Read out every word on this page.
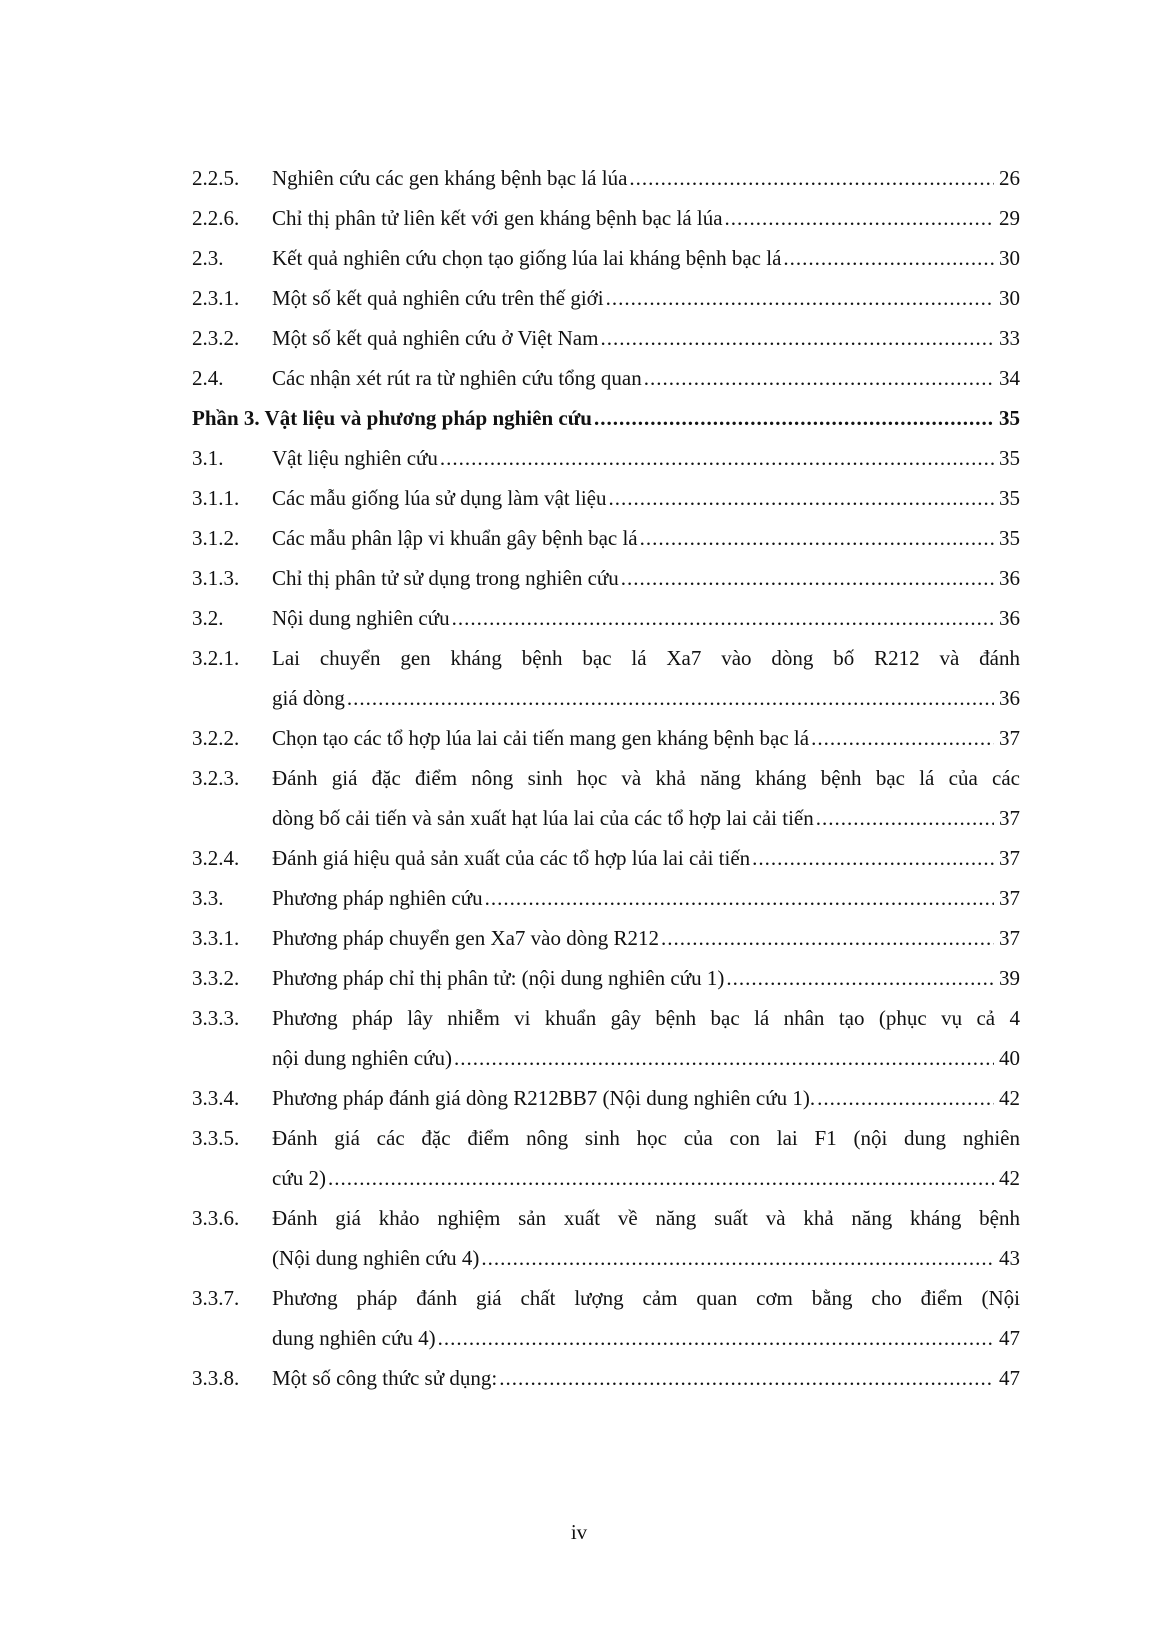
2.2.5.	Nghiên cứu các gen kháng bệnh bạc lá lúa .....	26
2.2.6.	Chỉ thị phân tử liên kết với gen kháng bệnh bạc lá lúa .....	29
2.3.	Kết quả nghiên cứu chọn tạo giống lúa lai kháng bệnh bạc lá .....	30
2.3.1.	Một số kết quả nghiên cứu trên thế giới .....	30
2.3.2.	Một số kết quả nghiên cứu ở Việt Nam .....	33
2.4.	Các nhận xét rút ra từ nghiên cứu tổng quan .....	34
Phần 3. Vật liệu và phương pháp nghiên cứu .....	35
3.1.	Vật liệu nghiên cứu .....	35
3.1.1.	Các mẫu giống lúa sử dụng làm vật liệu .....	35
3.1.2.	Các mẫu phân lập vi khuẩn gây bệnh bạc lá .....	35
3.1.3.	Chỉ thị phân tử sử dụng trong nghiên cứu .....	36
3.2.	Nội dung nghiên cứu .....	36
3.2.1.	Lai chuyển gen kháng bệnh bạc lá Xa7 vào dòng bố R212 và đánh
giá dòng .....	36
3.2.2.	Chọn tạo các tổ hợp lúa lai cải tiến mang gen kháng bệnh bạc lá .....	37
3.2.3.	Đánh giá đặc điểm nông sinh học và khả năng kháng bệnh bạc lá của các
dòng bố cải tiến và sản xuất hạt lúa lai của các tổ hợp lai cải tiến .....	37
3.2.4.	Đánh giá hiệu quả sản xuất của các tổ hợp lúa lai cải tiến .....	37
3.3.	Phương pháp nghiên cứu .....	37
3.3.1.	Phương pháp chuyển gen Xa7 vào dòng R212 .....	37
3.3.2.	Phương pháp chỉ thị phân tử: (nội dung nghiên cứu 1) .....	39
3.3.3.	Phương pháp lây nhiễm vi khuẩn gây bệnh bạc lá nhân tạo (phục vụ cả 4
nội dung nghiên cứu) .....	40
3.3.4.	Phương pháp đánh giá dòng R212BB7 (Nội dung nghiên cứu 1). .....	42
3.3.5.	Đánh giá các đặc điểm nông sinh học của con lai F1 (nội dung nghiên
cứu 2) .....	42
3.3.6.	Đánh giá khảo nghiệm sản xuất về năng suất và khả năng kháng bệnh
(Nội dung nghiên cứu 4) .....	43
3.3.7.	Phương pháp đánh giá chất lượng cảm quan cơm bằng cho điểm (Nội
dung nghiên cứu 4) .....	47
3.3.8.	Một số công thức sử dụng: .....	47
iv
